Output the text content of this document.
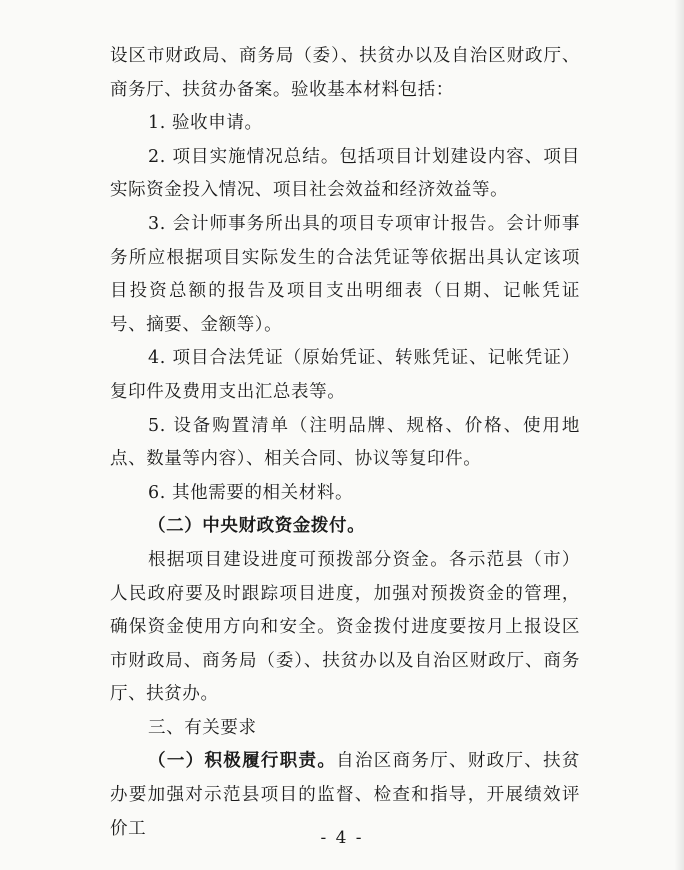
设区市财政局、商务局（委）、扶贫办以及自治区财政厅、商务厅、扶贫办备案。验收基本材料包括：

1. 验收申请。

2. 项目实施情况总结。包括项目计划建设内容、项目实际资金投入情况、项目社会效益和经济效益等。

3. 会计师事务所出具的项目专项审计报告。会计师事务所应根据项目实际发生的合法凭证等依据出具认定该项目投资总额的报告及项目支出明细表（日期、记帐凭证号、摘要、金额等）。

4. 项目合法凭证（原始凭证、转账凭证、记帐凭证）复印件及费用支出汇总表等。

5. 设备购置清单（注明品牌、规格、价格、使用地点、数量等内容）、相关合同、协议等复印件。

6. 其他需要的相关材料。

（二）中央财政资金拨付。

根据项目建设进度可预拨部分资金。各示范县（市）人民政府要及时跟踪项目进度，加强对预拨资金的管理，确保资金使用方向和安全。资金拨付进度要按月上报设区市财政局、商务局（委）、扶贫办以及自治区财政厅、商务厅、扶贫办。

三、有关要求

（一）积极履行职责。自治区商务厅、财政厅、扶贫办要加强对示范县项目的监督、检查和指导，开展绩效评价工	- 4 -
